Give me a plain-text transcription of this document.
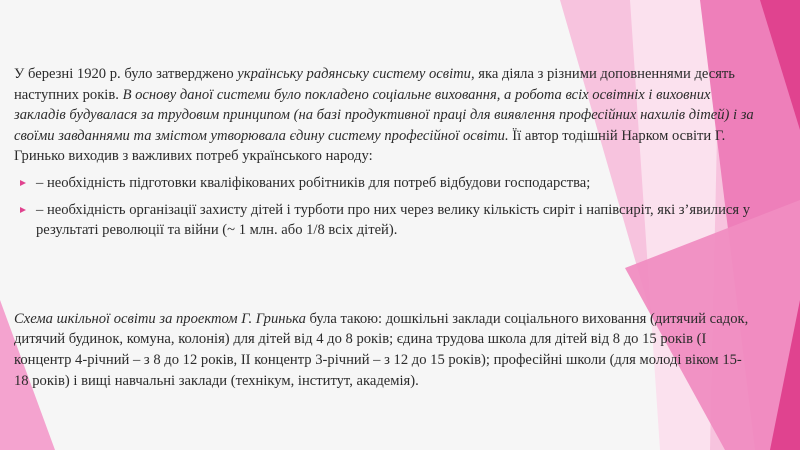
У березні 1920 р. було затверджено українську радянську систему освіти, яка діяла з різними доповненнями десять наступних років. В основу даної системи було покладено соціальне виховання, а робота всіх освітніх і виховних закладів будувалася за трудовим принципом (на базі продуктивної праці для виявлення професійних нахилів дітей) і за своїми завданнями та змістом утворювала єдину систему професійної освіти. Її автор тодішній Нарком освіти Г. Гринько виходив з важливих потреб українського народу:

– необхідність підготовки кваліфікованих робітників для потреб відбудови господарства;
– необхідність організації захисту дітей і турботи про них через велику кількість сиріт і напівсиріт, які з’явилися у результаті революції та війни (~ 1 млн. або 1/8 всіх дітей).

Схема шкільної освіти за проектом Г. Гринька була такою: дошкільні заклади соціального виховання (дитячий садок, дитячий будинок, комуна, колонія) для дітей від 4 до 8 років; єдина трудова школа для дітей від 8 до 15 років (I концентр 4-річний – з 8 до 12 років, II концентр 3-річний – з 12 до 15 років); професійні школи (для молоді віком 15-18 років) і вищі навчальні заклади (технікум, інститут, академія).
